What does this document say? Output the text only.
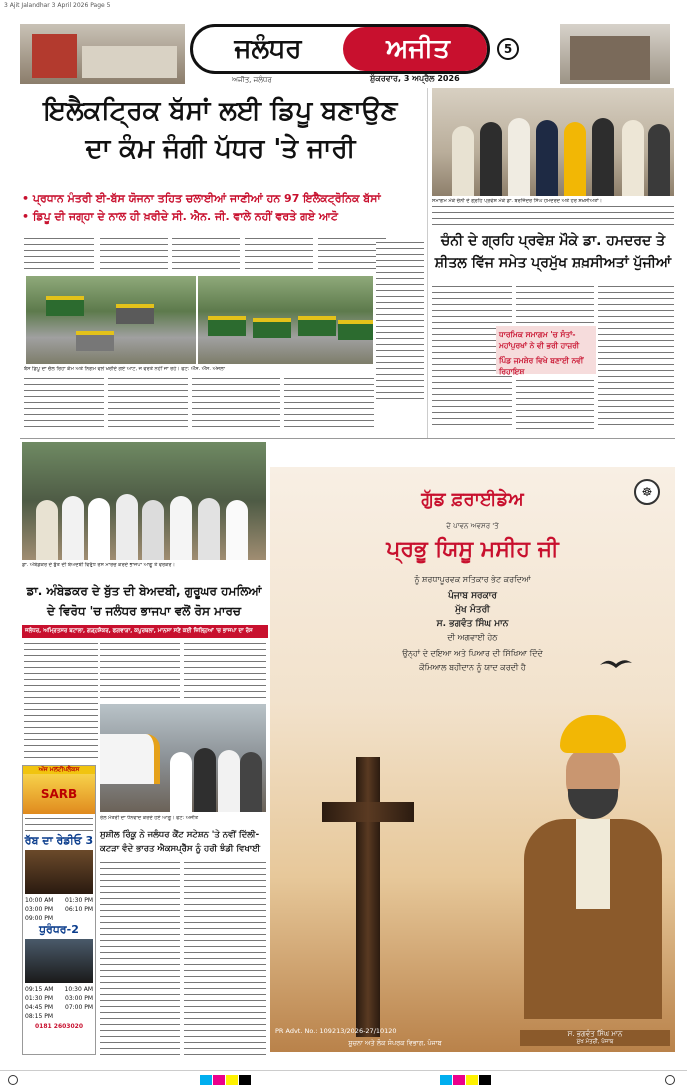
3 Ajit Jalandhar 3 April 2026 Page 5
ਜਲੰਧਰ	ਅਜੀਤ
ਅਜੀਤ, ਜਲੰਧਰ	ਸ਼ੁੱਕਰਵਾਰ, 3 ਅਪ੍ਰੈਲ 2026
5
ਇਲੈਕਟ੍ਰਿਕ ਬੱਸਾਂ ਲਈ ਡਿਪੂ ਬਣਾਉਣ
ਦਾ ਕੰਮ ਜੰਗੀ ਪੱਧਰ 'ਤੇ ਜਾਰੀ
• ਪ੍ਰਧਾਨ ਮੰਤਰੀ ਈ-ਬੱਸ ਯੋਜਨਾ ਤਹਿਤ ਚਲਾਈਆਂ ਜਾਣੀਆਂ ਹਨ 97 ਇਲੈਕਟ੍ਰੋਨਿਕ ਬੱਸਾਂ
• ਡਿਪੂ ਦੀ ਜਗ੍ਹਾ ਦੇ ਨਾਲ ਹੀ ਖ਼ਰੀਦੇ ਸੀ. ਐਨ. ਜੀ. ਵਾਲੇ ਨਹੀਂ ਵਰਤੇ ਗਏ ਆਟੋ
ਬੱਸ ਡਿਪੂ ਦਾ ਚੱਲ ਰਿਹਾ ਕੰਮ ਅਤੇ ਨਿਗਮ ਵਲੋਂ ਖ਼ਰੀਦੇ ਗਏ ਆਟੋ, ਜੋ ਵਰਤੇ ਨਹੀਂ ਜਾ ਰਹੇ। ਫੋਟੋ: ਐੱਸ. ਐੱਸ. ਔਜਲਾ
ਸਮਾਗਮ ਮੌਕੇ ਚੰਨੀ ਦੇ ਗ੍ਰਹਿ ਪ੍ਰਵੇਸ਼ ਮੌਕੇ ਡਾ. ਬਰਜਿੰਦਰ ਸਿੰਘ ਹਮਦਰਦ ਅਤੇ ਹੋਰ ਸ਼ਖ਼ਸੀਅਤਾਂ।
ਚੰਨੀ ਦੇ ਗ੍ਰਹਿ ਪ੍ਰਵੇਸ਼ ਮੌਕੇ ਡਾ. ਹਮਦਰਦ ਤੇ
ਸ਼ੀਤਲ ਵਿੱਜ ਸਮੇਤ ਪ੍ਰਮੁੱਖ ਸ਼ਖ਼ਸੀਅਤਾਂ ਪੁੱਜੀਆਂ
ਧਾਰਮਿਕ ਸਮਾਗਮ 'ਚ ਸੰਤਾਂ-ਮਹਾਂਪੁਰਖਾਂ ਨੇ ਵੀ ਭਰੀ ਹਾਜ਼ਰੀ
ਪਿੰਡ ਜਮਸ਼ੇਰ ਵਿਖੇ ਬਣਾਈ ਨਵੀਂ ਰਿਹਾਇਸ਼
ਡਾ. ਅੰਬੇਡਕਰ ਦੇ ਬੁੱਤ ਦੀ ਬੇਅਦਬੀ ਵਿਰੁੱਧ ਰੋਸ ਮਾਰਚ ਕਰਦੇ ਭਾਜਪਾ ਆਗੂ ਤੇ ਵਰਕਰ।
ਡਾ. ਅੰਬੇਡਕਰ ਦੇ ਬੁੱਤ ਦੀ ਬੇਅਦਬੀ, ਗੁਰੂਘਰ ਹਮਲਿਆਂ
ਦੇ ਵਿਰੋਧ 'ਚ ਜਲੰਧਰ ਭਾਜਪਾ ਵਲੋਂ ਰੋਸ ਮਾਰਚ
ਜਲੰਧਰ, ਅਮ੍ਰਿਤਸਰ ਬਟਾਲਾ, ਗੜ੍ਹਸ਼ੰਕਰ, ਫਗਵਾੜਾ, ਕਪੂਰਥਲਾ, ਮਾਨਸਾ ਸਣੇ ਕਈ ਜ਼ਿਲ੍ਹਿਆਂ 'ਚ ਭਾਜਪਾ ਦਾ ਰੋਸ
ਰੇਲ ਮੰਤਰੀ ਦਾ ਧੰਨਵਾਦ ਕਰਦੇ ਹੋਏ ਆਗੂ। ਫੋਟੋ: ਅਜੀਤ
ਸੁਸ਼ੀਲ ਰਿੰਕੂ ਨੇ ਜਲੰਧਰ ਕੈਂਟ ਸਟੇਸ਼ਨ 'ਤੇ ਨਵੀਂ ਦਿੱਲੀ-
ਕਟੜਾ ਵੰਦੇ ਭਾਰਤ ਐਕਸਪ੍ਰੈੱਸ ਨੂੰ ਹਰੀ ਝੰਡੀ ਵਿਖਾਈ
ਅੱਜ ਮਲਟੀਪਲੈਕਸ
SARB
ਰੱਬ ਦਾ ਰੇਡੀਓ 3
10:00 AM 01:30 PM
03:00 PM 06:10 PM
09:00 PM
ਧੁਰੰਧਰ-2
09:15 AM 10:30 AM
01:30 PM 03:00 PM
04:45 PM 07:00 PM
08:15 PM
0181 2603020
☸
ਗੁੱਡ ਫ਼ਰਾਈਡੇਅ
ਦੇ ਪਾਵਨ ਅਵਸਰ 'ਤੇ
ਪ੍ਰਭੂ ਯਿਸੂ ਮਸੀਹ ਜੀ
ਨੂੰ ਸ਼ਰਧਾਪੂਰਵਕ ਸਤਿਕਾਰ ਭੇਟ ਕਰਦਿਆਂ
ਪੰਜਾਬ ਸਰਕਾਰ
ਮੁੱਖ ਮੰਤਰੀ
ਸ. ਭਗਵੰਤ ਸਿੰਘ ਮਾਨ
ਦੀ ਅਗਵਾਈ ਹੇਠ
ਉਨ੍ਹਾਂ ਦੇ ਦਇਆ ਅਤੇ ਪਿਆਰ ਦੀ ਸਿੱਖਿਆ ਦਿੰਦੇ
ਕੌਮਿਆਲ ਬਹੀਦਾਨ ਨੂੰ ਯਾਦ ਕਰਦੀ ਹੈ
ਸ. ਭਗਵੰਤ ਸਿੰਘ ਮਾਨ
ਮੁੱਖ ਮੰਤਰੀ, ਪੰਜਾਬ
PR Advt. No.: 109213/2026-27/10120
ਸੂਚਨਾ ਅਤੇ ਲੋਕ ਸੰਪਰਕ ਵਿਭਾਗ, ਪੰਜਾਬ
